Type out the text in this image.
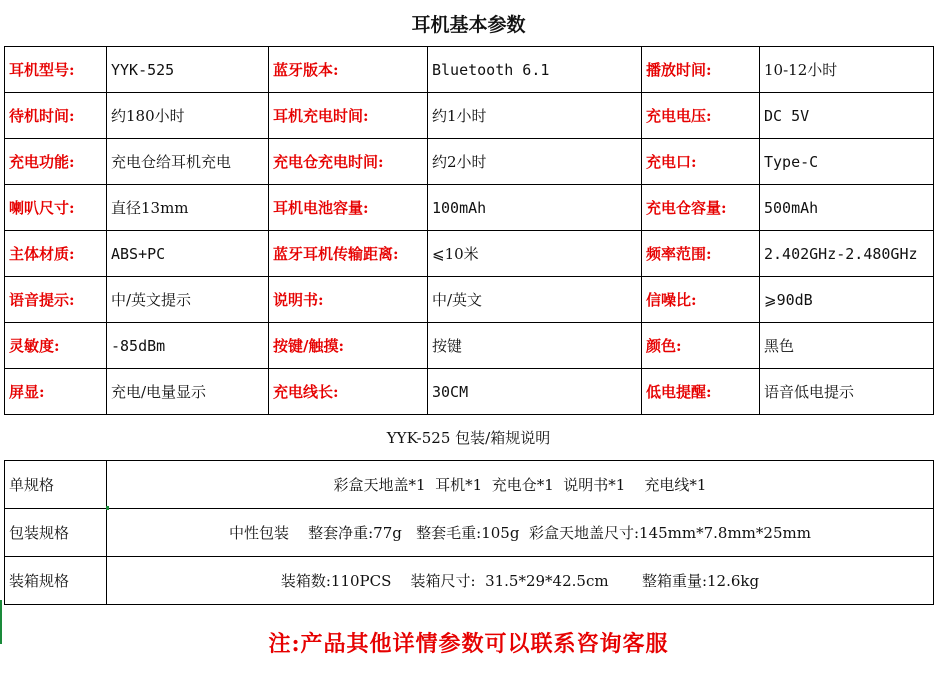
耳机基本参数
耳机型号:	YYK-525	蓝牙版本:	Bluetooth 6.1	播放时间:	10-12小时
待机时间:	约180小时	耳机充电时间:	约1小时	充电电压:	DC 5V
充电功能:	充电仓给耳机充电	充电仓充电时间:	约2小时	充电口:	Type-C
喇叭尺寸:	直径13mm	耳机电池容量:	100mAh	充电仓容量:	500mAh
主体材质:	ABS+PC	蓝牙耳机传输距离:	⩽10米	频率范围:	2.402GHz-2.480GHz
语音提示:	中/英文提示	说明书:	中/英文	信噪比:	⩾90dB
灵敏度:	-85dBm	按键/触摸:	按键	颜色:	黑色
屏显:	充电/电量显示	充电线长:	30CM	低电提醒:	语音低电提示
YYK-525 包装/箱规说明
单规格	彩盒天地盖*1  耳机*1  充电仓*1  说明书*1    充电线*1
包装规格	中性包装    整套净重:77g   整套毛重:105g  彩盒天地盖尺寸:145mm*7.8mm*25mm
装箱规格	装箱数:110PCS    装箱尺寸:  31.5*29*42.5cm       整箱重量:12.6kg
注:产品其他详情参数可以联系咨询客服
